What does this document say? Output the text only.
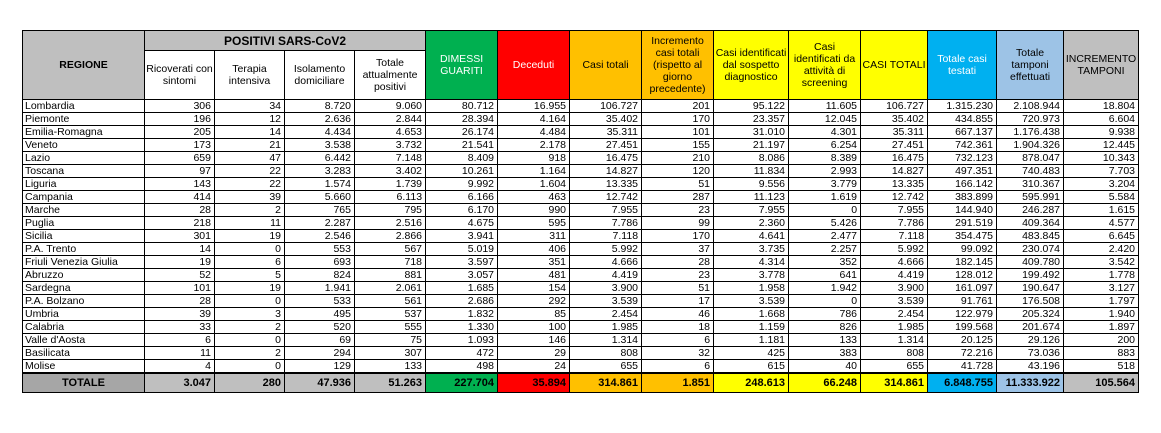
REGIONE	POSITIVI SARS-CoV2				DIMESSI GUARITI	Deceduti	Casi totali	Incremento casi totali (rispetto al giorno precedente)	Casi identificati dal sospetto diagnostico	Casi identificati da attività di screening	CASI TOTALI	Totale casi testati	Totale tamponi effettuati	INCREMENTO TAMPONI
	Ricoverati con sintomi	Terapia intensiva	Isolamento domiciliare	Totale attualmente positivi										
Lombardia	306	34	8.720	9.060	80.712	16.955	106.727	201	95.122	11.605	106.727	1.315.230	2.108.944	18.804
Piemonte	196	12	2.636	2.844	28.394	4.164	35.402	170	23.357	12.045	35.402	434.855	720.973	6.604
Emilia-Romagna	205	14	4.434	4.653	26.174	4.484	35.311	101	31.010	4.301	35.311	667.137	1.176.438	9.938
Veneto	173	21	3.538	3.732	21.541	2.178	27.451	155	21.197	6.254	27.451	742.361	1.904.326	12.445
Lazio	659	47	6.442	7.148	8.409	918	16.475	210	8.086	8.389	16.475	732.123	878.047	10.343
Toscana	97	22	3.283	3.402	10.261	1.164	14.827	120	11.834	2.993	14.827	497.351	740.483	7.703
Liguria	143	22	1.574	1.739	9.992	1.604	13.335	51	9.556	3.779	13.335	166.142	310.367	3.204
Campania	414	39	5.660	6.113	6.166	463	12.742	287	11.123	1.619	12.742	383.899	595.991	5.584
Marche	28	2	765	795	6.170	990	7.955	23	7.955	0	7.955	144.940	246.287	1.615
Puglia	218	11	2.287	2.516	4.675	595	7.786	99	2.360	5.426	7.786	291.519	409.364	4.577
Sicilia	301	19	2.546	2.866	3.941	311	7.118	170	4.641	2.477	7.118	354.475	483.845	6.645
P.A. Trento	14	0	553	567	5.019	406	5.992	37	3.735	2.257	5.992	99.092	230.074	2.420
Friuli Venezia Giulia	19	6	693	718	3.597	351	4.666	28	4.314	352	4.666	182.145	409.780	3.542
Abruzzo	52	5	824	881	3.057	481	4.419	23	3.778	641	4.419	128.012	199.492	1.778
Sardegna	101	19	1.941	2.061	1.685	154	3.900	51	1.958	1.942	3.900	161.097	190.647	3.127
P.A. Bolzano	28	0	533	561	2.686	292	3.539	17	3.539	0	3.539	91.761	176.508	1.797
Umbria	39	3	495	537	1.832	85	2.454	46	1.668	786	2.454	122.979	205.324	1.940
Calabria	33	2	520	555	1.330	100	1.985	18	1.159	826	1.985	199.568	201.674	1.897
Valle d'Aosta	6	0	69	75	1.093	146	1.314	6	1.181	133	1.314	20.125	29.126	200
Basilicata	11	2	294	307	472	29	808	32	425	383	808	72.216	73.036	883
Molise	4	0	129	133	498	24	655	6	615	40	655	41.728	43.196	518
TOTALE	3.047	280	47.936	51.263	227.704	35.894	314.861	1.851	248.613	66.248	314.861	6.848.755	11.333.922	105.564
